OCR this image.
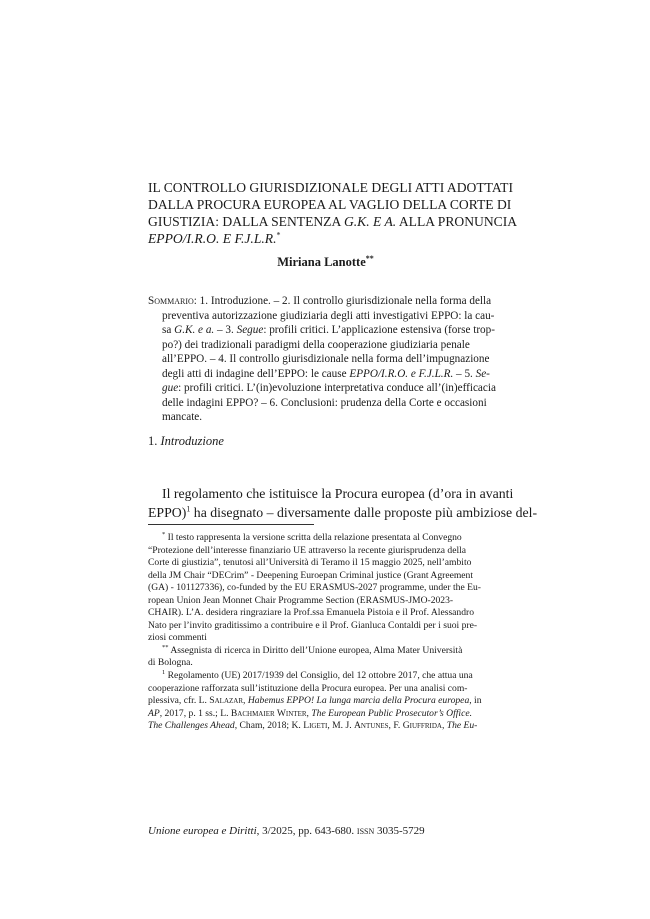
IL CONTROLLO GIURISDIZIONALE DEGLI ATTI ADOTTATI
DALLA PROCURA EUROPEA AL VAGLIO DELLA CORTE DI
GIUSTIZIA: DALLA SENTENZA G.K. E A. ALLA PRONUNCIA
EPPO/I.R.O. E F.J.L.R.*
Miriana Lanotte**
Sommario: 1. Introduzione. – 2. Il controllo giurisdizionale nella forma della
preventiva autorizzazione giudiziaria degli atti investigativi EPPO: la cau-
sa G.K. e a. – 3. Segue: profili critici. L’applicazione estensiva (forse trop-
po?) dei tradizionali paradigmi della cooperazione giudiziaria penale
all’EPPO. – 4. Il controllo giurisdizionale nella forma dell’impugnazione
degli atti di indagine dell’EPPO: le cause EPPO/I.R.O. e F.J.L.R. – 5. Se-
gue: profili critici. L’(in)evoluzione interpretativa conduce all’(in)efficacia
delle indagini EPPO? – 6. Conclusioni: prudenza della Corte e occasioni
mancate.
1. Introduzione
Il regolamento che istituisce la Procura europea (d’ora in avanti
EPPO)$^1$ ha disegnato – diversamente dalle proposte più ambiziose del-
* Il testo rappresenta la versione scritta della relazione presentata al Convegno
“Protezione dell’interesse finanziario UE attraverso la recente giurisprudenza della
Corte di giustizia”, tenutosi all’Università di Teramo il 15 maggio 2025, nell’ambito
della JM Chair “DECrim” - Deepening Euroepan Criminal justice (Grant Agreement
(GA) - 101127336), co-funded by the EU ERASMUS-2027 programme, under the Eu-
ropean Union Jean Monnet Chair Programme Section (ERASMUS-JMO-2023-
CHAIR). L’A. desidera ringraziare la Prof.ssa Emanuela Pistoia e il Prof. Alessandro
Nato per l’invito graditissimo a contribuire e il Prof. Gianluca Contaldi per i suoi pre-
ziosi commenti
** Assegnista di ricerca in Diritto dell’Unione europea, Alma Mater Università
di Bologna.
$^1$ Regolamento (UE) 2017/1939 del Consiglio, del 12 ottobre 2017, che attua una
cooperazione rafforzata sull’istituzione della Procura europea. Per una analisi com-
plessiva, cfr. L. Salazar, Habemus EPPO! La lunga marcia della Procura europea, in
AP, 2017, p. 1 ss.; L. Bachmaier Winter, The European Public Prosecutor’s Office.
The Challenges Ahead, Cham, 2018; K. Ligeti, M. J. Antunes, F. Giuffrida, The Eu-
Unione europea e Diritti, 3/2025, pp. 643-680. issn 3035-5729
